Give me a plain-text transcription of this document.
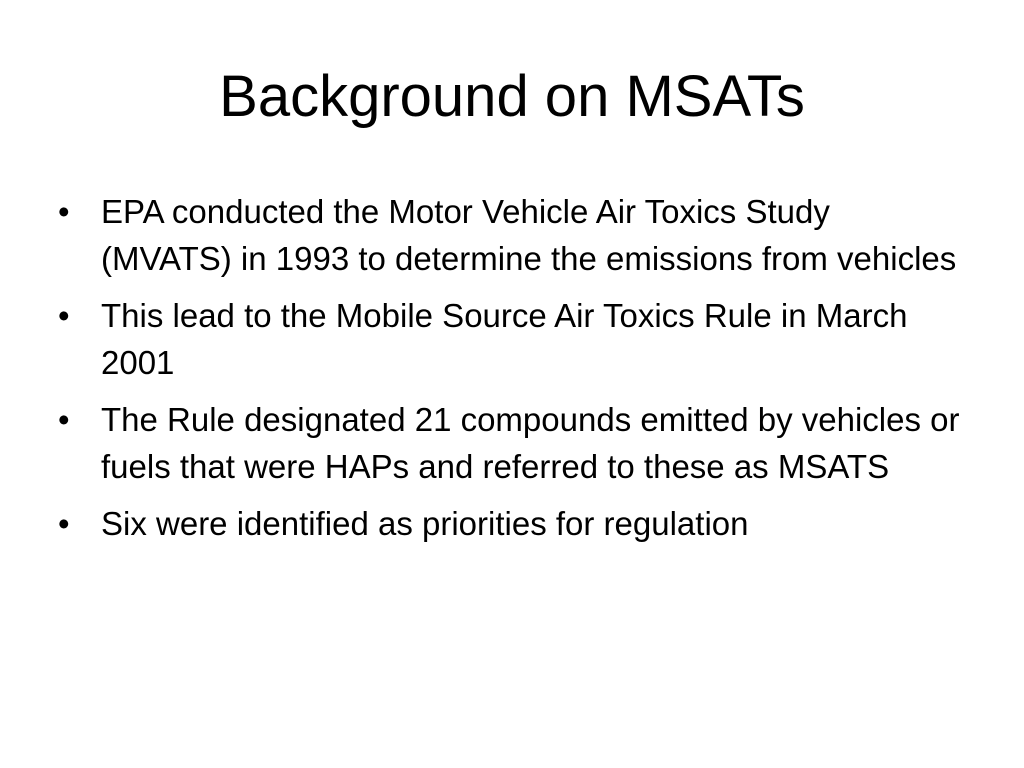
Background on MSATs
• EPA conducted the Motor Vehicle Air Toxics Study (MVATS) in 1993 to determine the emissions from vehicles
• This lead to the Mobile Source Air Toxics Rule in March 2001
• The Rule designated 21 compounds emitted by vehicles or fuels that were HAPs and referred to these as MSATS
• Six were identified as priorities for regulation
